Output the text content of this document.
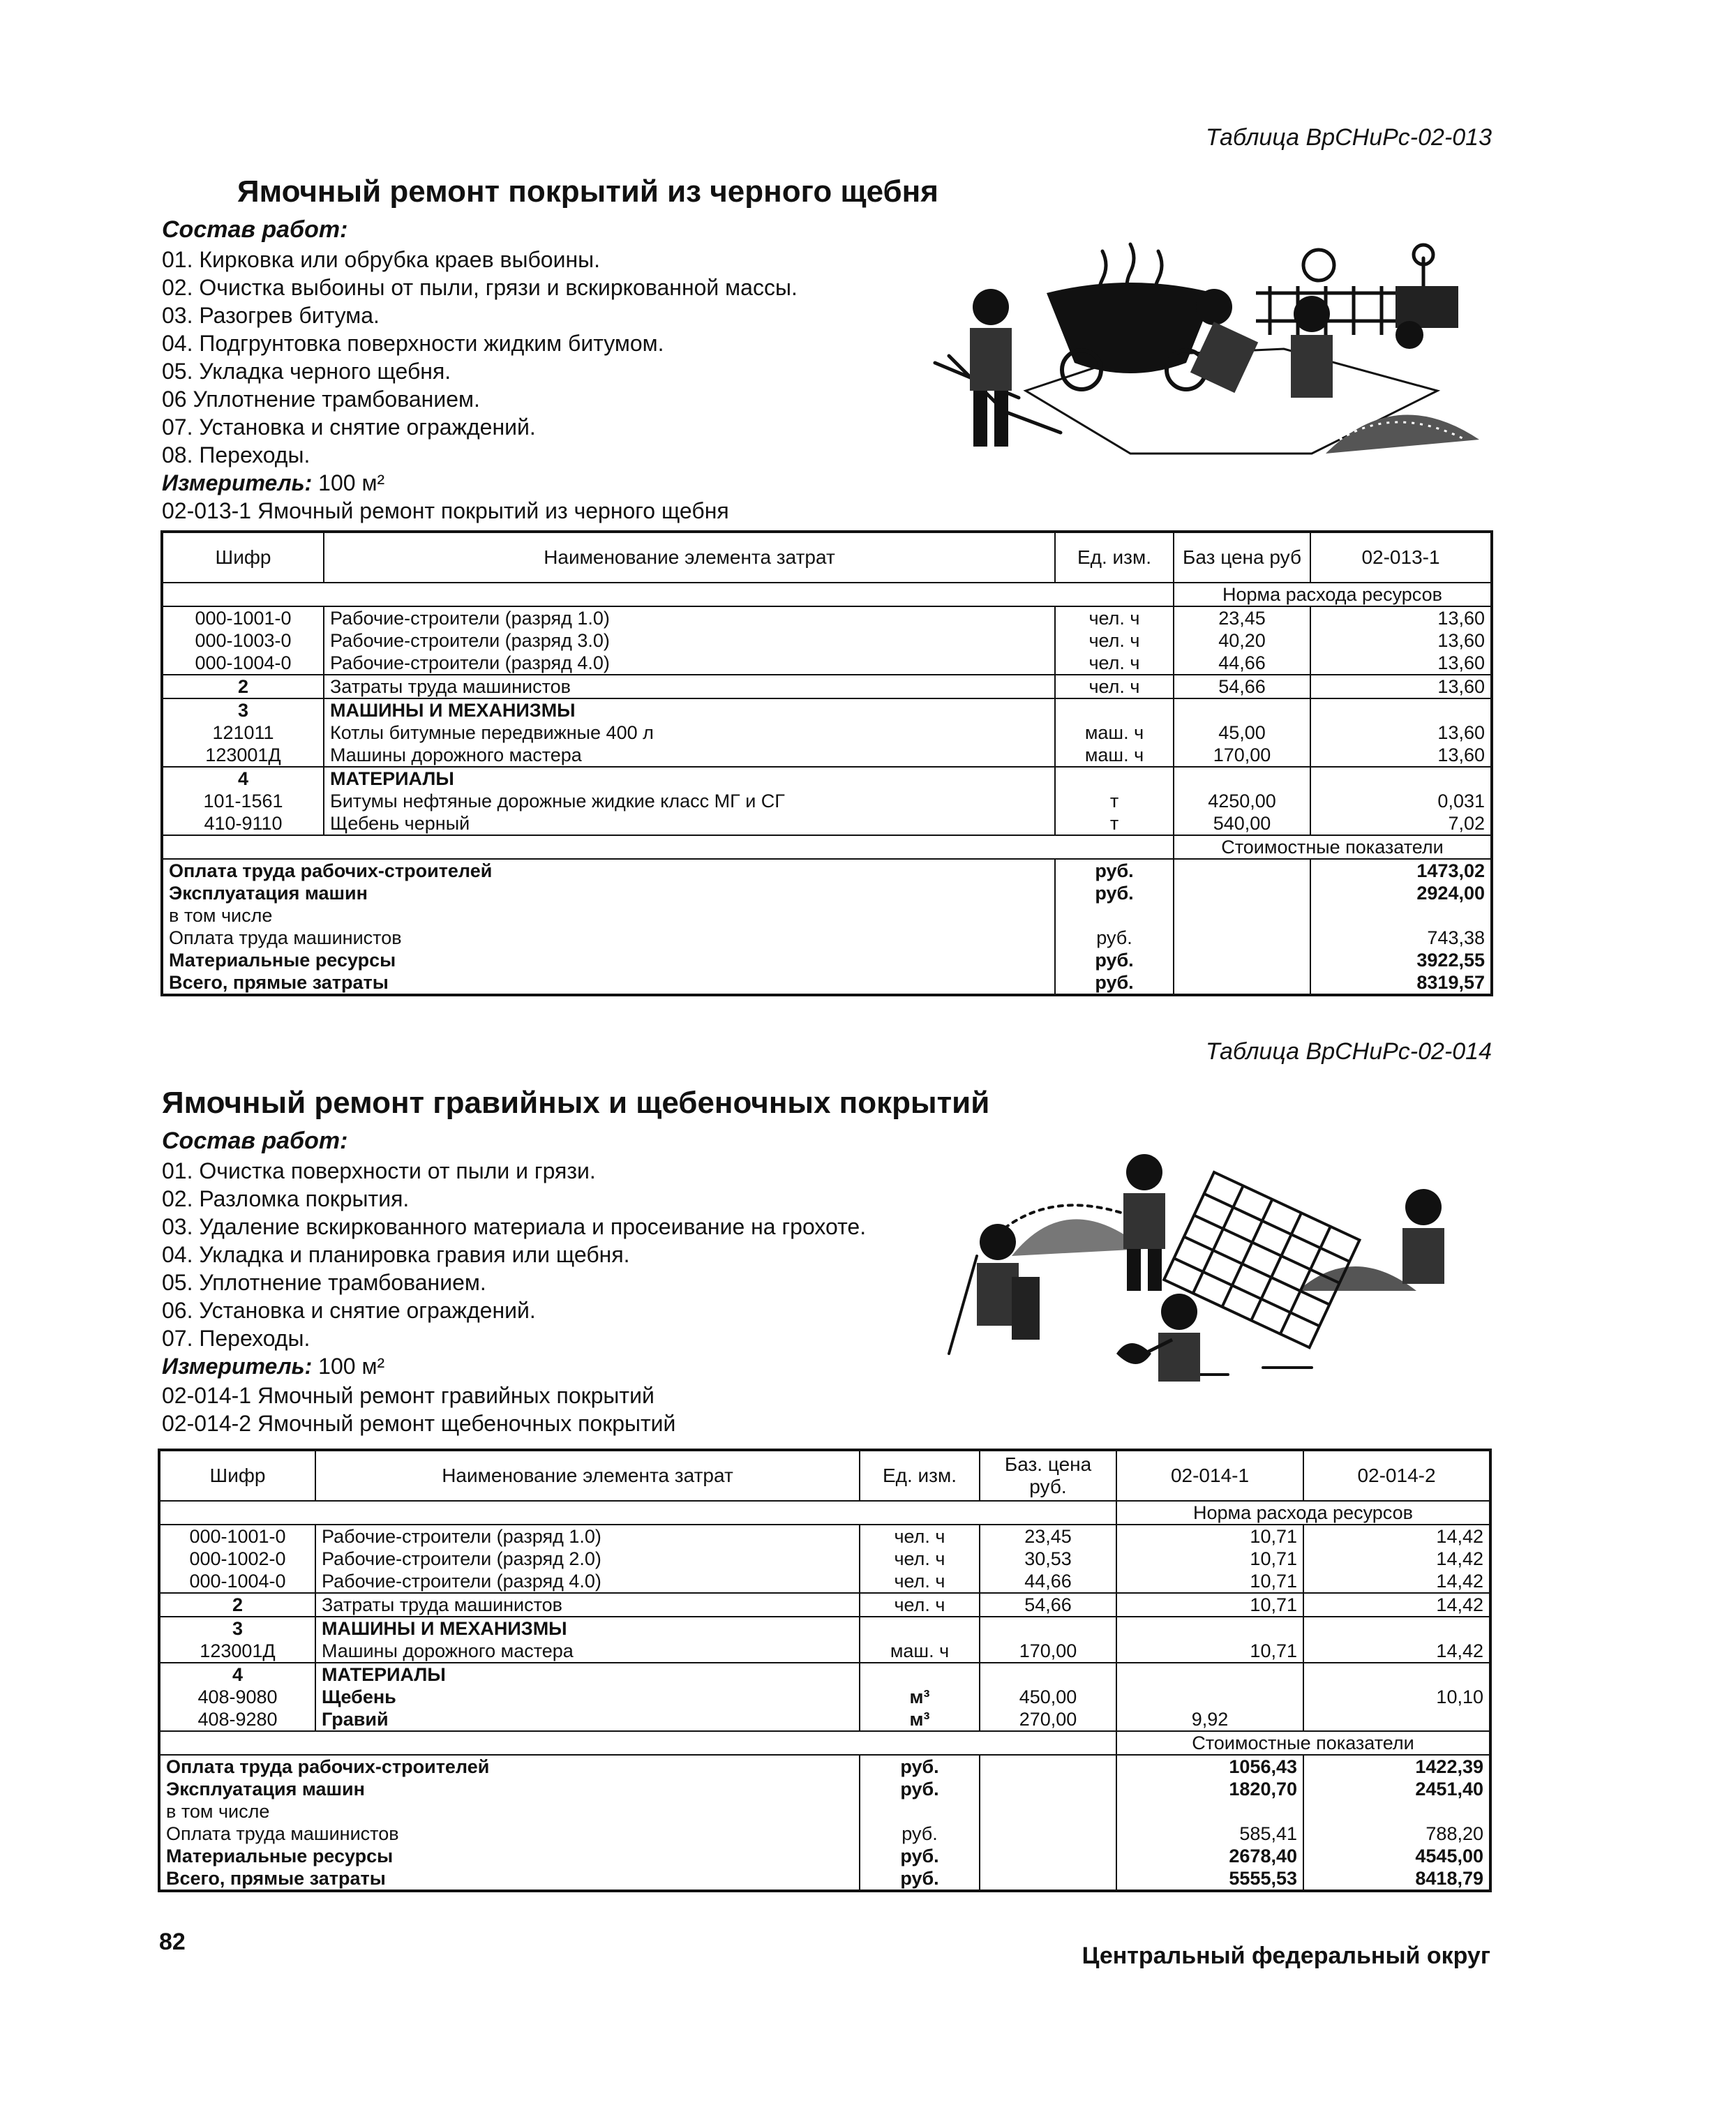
Таблица ВрСНиРс-02-013
Ямочный ремонт покрытий из черного щебня
Состав работ:
01. Кирковка или обрубка краев выбоины.
02. Очистка выбоины от пыли, грязи и вскиркованной массы.
03. Разогрев битума.
04. Подгрунтовка поверхности жидким битумом.
05. Укладка черного щебня.
06 Уплотнение трамбованием.
07. Установка и снятие ограждений.
08. Переходы.
Измеритель: 100 м²
02-013-1 Ямочный ремонт покрытий из черного щебня
Шифр	Наименование элемента затрат	Ед. изм.	Баз цена руб	02-013-1
			Норма расхода ресурсов	
000-1001-0	Рабочие-строители (разряд 1.0)	чел. ч	23,45	13,60
000-1003-0	Рабочие-строители (разряд 3.0)	чел. ч	40,20	13,60
000-1004-0	Рабочие-строители (разряд 4.0)	чел. ч	44,66	13,60
2	Затраты труда машинистов	чел. ч	54,66	13,60
3	МАШИНЫ И МЕХАНИЗМЫ			
121011	Котлы битумные передвижные 400 л	маш. ч	45,00	13,60
123001Д	Машины дорожного мастера	маш. ч	170,00	13,60
4	МАТЕРИАЛЫ			
101-1561	Битумы нефтяные дорожные жидкие класс МГ и СГ	т	4250,00	0,031
410-9110	Щебень черный	т	540,00	7,02
			Стоимостные показатели	
Оплата труда рабочих-строителей		руб.		1473,02
Эксплуатация машин		руб.		2924,00
в том числе				
Оплата труда машинистов		руб.		743,38
Материальные ресурсы		руб.		3922,55
Всего, прямые затраты		руб.		8319,57
Таблица ВрСНиРс-02-014
Ямочный ремонт гравийных и щебеночных покрытий
Состав работ:
01. Очистка поверхности от пыли и грязи.
02. Разломка покрытия.
03. Удаление вскиркованного материала и просеивание на грохоте.
04. Укладка и планировка гравия или щебня.
05. Уплотнение трамбованием.
06. Установка и снятие ограждений.
07. Переходы.
Измеритель: 100 м²
02-014-1 Ямочный ремонт гравийных покрытий
02-014-2 Ямочный ремонт щебеночных покрытий
Шифр	Наименование элемента затрат	Ед. изм.	Баз. цена руб.	02-014-1	02-014-2
				Норма расхода ресурсов	
000-1001-0	Рабочие-строители (разряд 1.0)	чел. ч	23,45	10,71	14,42
000-1002-0	Рабочие-строители (разряд 2.0)	чел. ч	30,53	10,71	14,42
000-1004-0	Рабочие-строители (разряд 4.0)	чел. ч	44,66	10,71	14,42
2	Затраты труда машинистов	чел. ч	54,66	10,71	14,42
3	МАШИНЫ И МЕХАНИЗМЫ				
123001Д	Машины дорожного мастера	маш. ч	170,00	10,71	14,42
4	МАТЕРИАЛЫ				
408-9080	Щебень	м³	450,00		10,10
408-9280	Гравий	м³	270,00	9,92	
				Стоимостные показатели	
Оплата труда рабочих-строителей		руб.		1056,43	1422,39
Эксплуатация машин		руб.		1820,70	2451,40
в том числе					
Оплата труда машинистов		руб.		585,41	788,20
Материальные ресурсы		руб.		2678,40	4545,00
Всего, прямые затраты		руб.		5555,53	8418,79
82
Центральный федеральный округ
